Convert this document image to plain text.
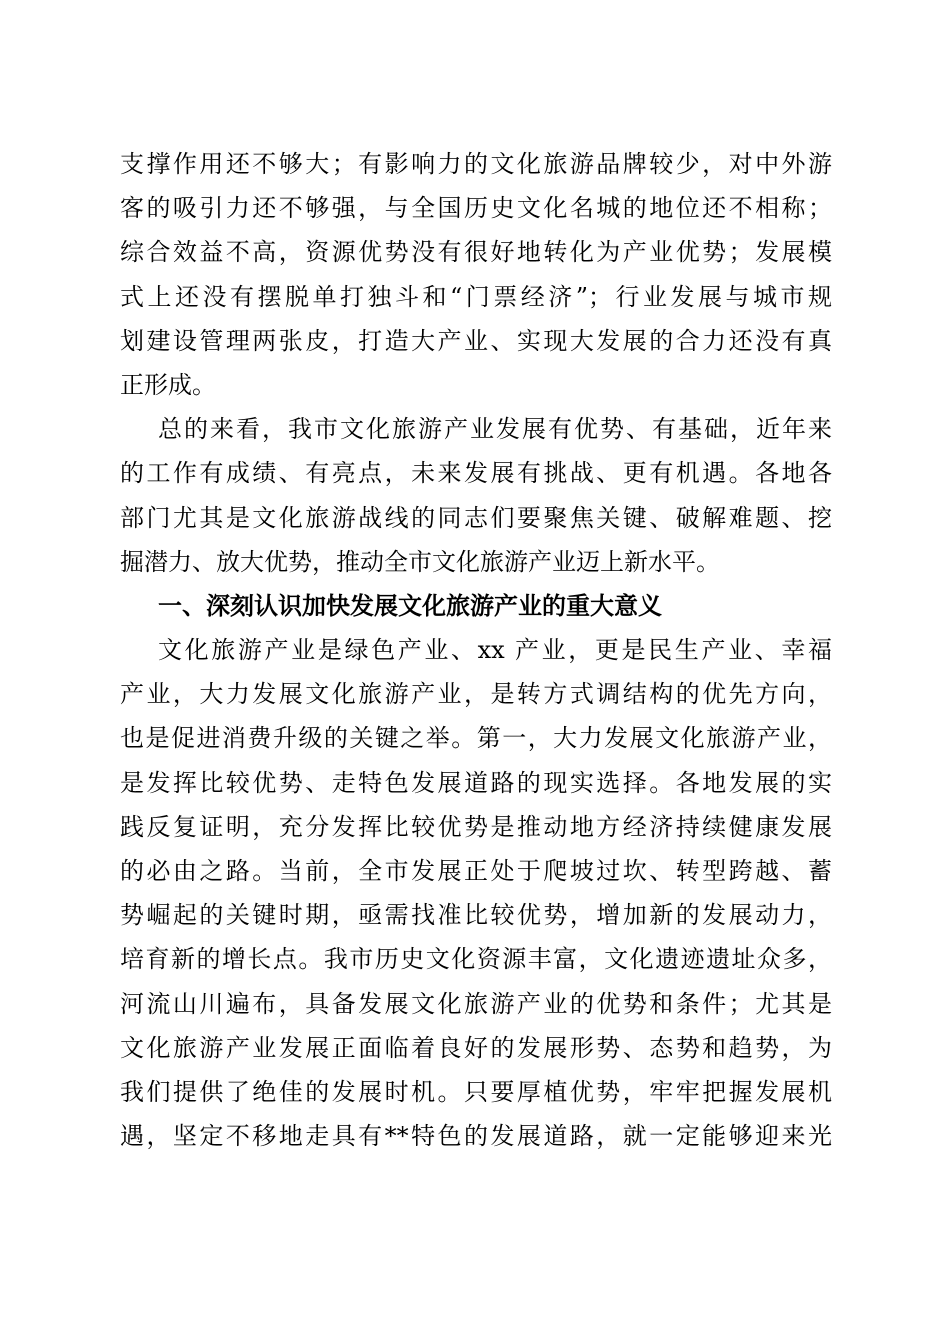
支撑作用还不够大；有影响力的文化旅游品牌较少，对中外游
客的吸引力还不够强，与全国历史文化名城的地位还不相称；
综合效益不高，资源优势没有很好地转化为产业优势；发展模
式上还没有摆脱单打独斗和“门票经济”；行业发展与城市规
划建设管理两张皮，打造大产业、实现大发展的合力还没有真
正形成。
总的来看，我市文化旅游产业发展有优势、有基础，近年来
的工作有成绩、有亮点，未来发展有挑战、更有机遇。各地各
部门尤其是文化旅游战线的同志们要聚焦关键、破解难题、挖
掘潜力、放大优势，推动全市文化旅游产业迈上新水平。
一、深刻认识加快发展文化旅游产业的重大意义
文化旅游产业是绿色产业、xx 产业，更是民生产业、幸福
产业，大力发展文化旅游产业，是转方式调结构的优先方向，
也是促进消费升级的关键之举。第一，大力发展文化旅游产业，
是发挥比较优势、走特色发展道路的现实选择。各地发展的实
践反复证明，充分发挥比较优势是推动地方经济持续健康发展
的必由之路。当前，全市发展正处于爬坡过坎、转型跨越、蓄
势崛起的关键时期，亟需找准比较优势，增加新的发展动力，
培育新的增长点。我市历史文化资源丰富，文化遗迹遗址众多，
河流山川遍布，具备发展文化旅游产业的优势和条件；尤其是
文化旅游产业发展正面临着良好的发展形势、态势和趋势，为
我们提供了绝佳的发展时机。只要厚植优势，牢牢把握发展机
遇，坚定不移地走具有**特色的发展道路，就一定能够迎来光
